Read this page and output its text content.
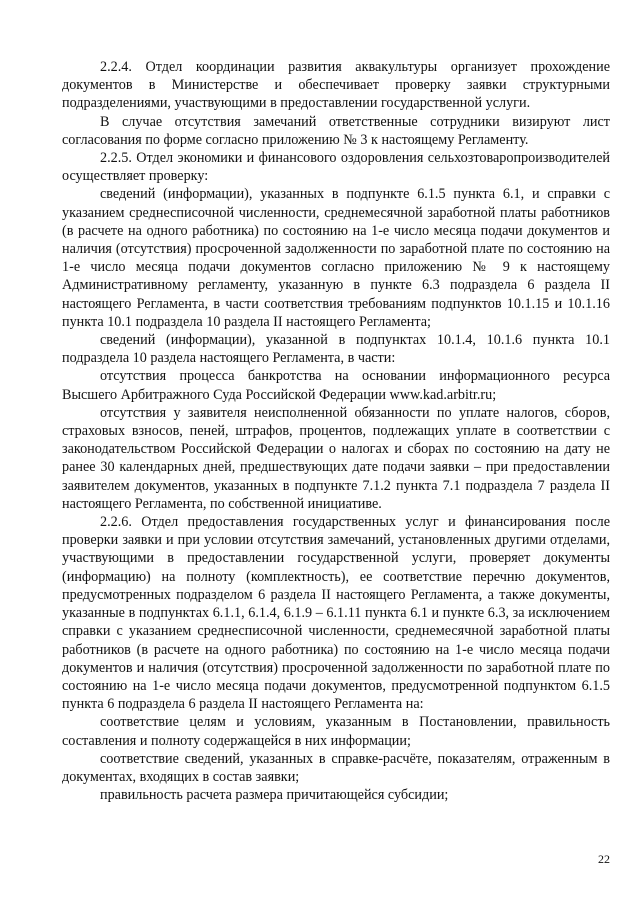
2.2.4. Отдел координации развития аквакультуры организует прохождение документов в Министерстве и обеспечивает проверку заявки структурными подразделениями, участвующими в предоставлении государственной услуги.

В случае отсутствия замечаний ответственные сотрудники визируют лист согласования по форме согласно приложению № 3 к настоящему Регламенту.

2.2.5. Отдел экономики и финансового оздоровления сельхозтоваропроизводителей осуществляет проверку:

сведений (информации), указанных в подпункте 6.1.5 пункта 6.1, и справки с указанием среднесписочной численности, среднемесячной заработной платы работников (в расчете на одного работника) по состоянию на 1-е число месяца подачи документов и наличия (отсутствия) просроченной задолженности по заработной плате по состоянию на 1-е число месяца подачи документов согласно приложению № 9 к настоящему Административному регламенту, указанную в пункте 6.3 подраздела 6 раздела II настоящего Регламента, в части соответствия требованиям подпунктов 10.1.15 и 10.1.16 пункта 10.1 подраздела 10 раздела II настоящего Регламента;

сведений (информации), указанной в подпунктах 10.1.4, 10.1.6 пункта 10.1 подраздела 10 раздела настоящего Регламента, в части:

отсутствия процесса банкротства на основании информационного ресурса Высшего Арбитражного Суда Российской Федерации www.kad.arbitr.ru;

отсутствия у заявителя неисполненной обязанности по уплате налогов, сборов, страховых взносов, пеней, штрафов, процентов, подлежащих уплате в соответствии с законодательством Российской Федерации о налогах и сборах по состоянию на дату не ранее 30 календарных дней, предшествующих дате подачи заявки – при предоставлении заявителем документов, указанных в подпункте 7.1.2 пункта 7.1 подраздела 7 раздела II настоящего Регламента, по собственной инициативе.

2.2.6. Отдел предоставления государственных услуг и финансирования после проверки заявки и при условии отсутствия замечаний, установленных другими отделами, участвующими в предоставлении государственной услуги, проверяет документы (информацию) на полноту (комплектность), ее соответствие перечню документов, предусмотренных подразделом 6 раздела II настоящего Регламента, а также документы, указанные в подпунктах 6.1.1, 6.1.4, 6.1.9 – 6.1.11 пункта 6.1 и пункте 6.3, за исключением справки с указанием среднесписочной численности, среднемесячной заработной платы работников (в расчете на одного работника) по состоянию на 1-е число месяца подачи документов и наличия (отсутствия) просроченной задолженности по заработной плате по состоянию на 1-е число месяца подачи документов, предусмотренной подпунктом 6.1.5 пункта 6 подраздела 6 раздела II настоящего Регламента на:

соответствие целям и условиям, указанным в Постановлении, правильность составления и полноту содержащейся в них информации;

соответствие сведений, указанных в справке-расчёте, показателям, отраженным в документах, входящих в состав заявки;

правильность расчета размера причитающейся субсидии;

22
